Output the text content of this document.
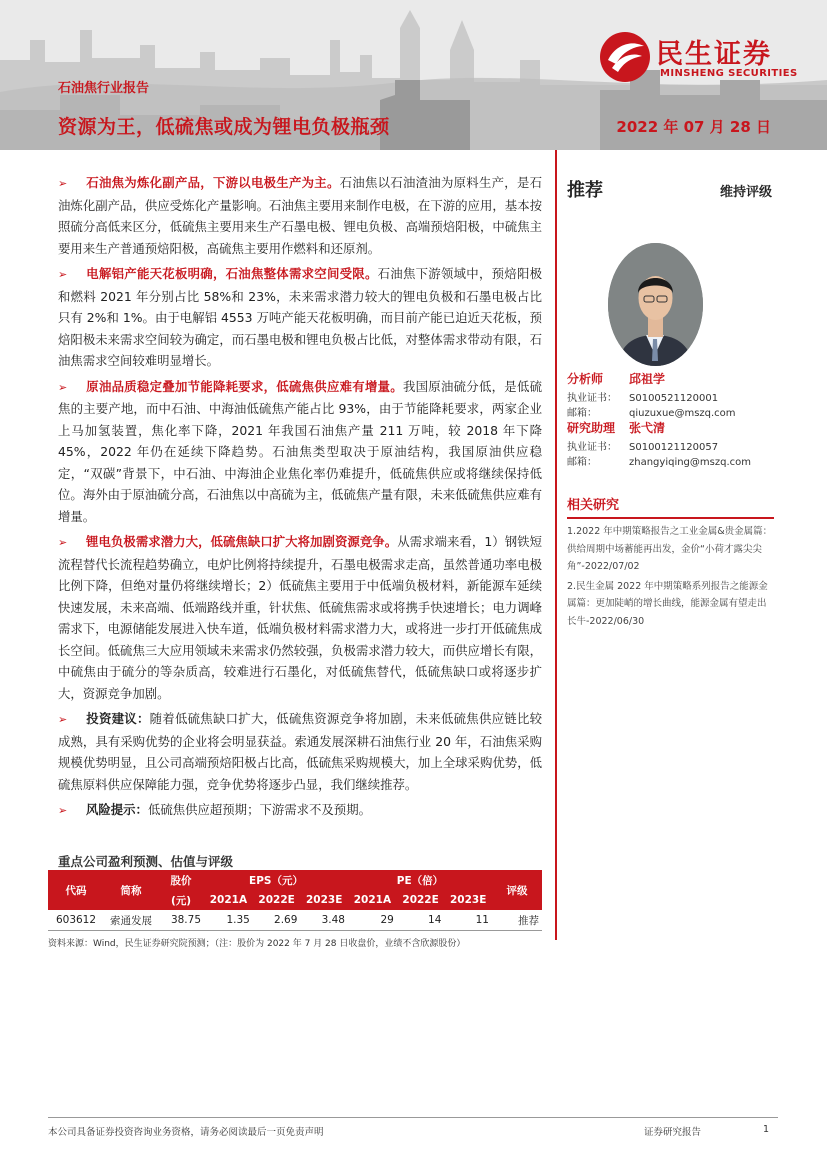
石油焦行业报告
资源为王，低硫焦或成为锂电负极瓶颈	2022 年 07 月 28 日
民生证券
MINSHENG SECURITIES

➢ 石油焦为炼化副产品，下游以电极生产为主。石油焦以石油渣油为原料生产，是石油炼化副产品，供应受炼化产量影响。石油焦主要用来制作电极，在下游的应用，基本按照硫分高低来区分，低硫焦主要用来生产石墨电极、锂电负极、高端预焙阳极，中硫焦主要用来生产普通预焙阳极，高硫焦主要用作燃料和还原剂。

➢ 电解铝产能天花板明确，石油焦整体需求空间受限。石油焦下游领域中，预焙阳极和燃料 2021 年分别占比 58%和 23%，未来需求潜力较大的锂电负极和石墨电极占比只有 2%和 1%。由于电解铝 4553 万吨产能天花板明确，而目前产能已迫近天花板，预焙阳极未来需求空间较为确定，而石墨电极和锂电负极占比低，对整体需求带动有限，石油焦需求空间较难明显增长。

➢ 原油品质稳定叠加节能降耗要求，低硫焦供应难有增量。我国原油硫分低，是低硫焦的主要产地，而中石油、中海油低硫焦产能占比 93%，由于节能降耗要求，两家企业上马加氢装置，焦化率下降，2021 年我国石油焦产量 211 万吨，较 2018 年下降 45%，2022 年仍在延续下降趋势。石油焦类型取决于原油结构，我国原油供应稳定，“双碳”背景下，中石油、中海油企业焦化率仍难提升，低硫焦供应或将继续保持低位。海外由于原油硫分高，石油焦以中高硫为主，低硫焦产量有限，未来低硫焦供应难有增量。

➢ 锂电负极需求潜力大，低硫焦缺口扩大将加剧资源竞争。从需求端来看，1）钢铁短流程替代长流程趋势确立，电炉比例将持续提升，石墨电极需求走高，虽然普通功率电极比例下降，但绝对量仍将继续增长；2）低硫焦主要用于中低端负极材料，新能源车延续快速发展，未来高端、低端路线并重，针状焦、低硫焦需求或将携手快速增长；电力调峰需求下，电源储能发展进入快车道，低端负极材料需求潜力大，或将进一步打开低硫焦成长空间。低硫焦三大应用领域未来需求仍然较强，负极需求潜力较大，而供应增长有限，中硫焦由于硫分的等杂质高，较难进行石墨化，对低硫焦替代，低硫焦缺口或将逐步扩大，资源竞争加剧。

➢ 投资建议：随着低硫焦缺口扩大，低硫焦资源竞争将加剧，未来低硫焦供应链比较成熟，具有采购优势的企业将会明显获益。索通发展深耕石油焦行业 20 年，石油焦采购规模优势明显，且公司高端预焙阳极占比高，低硫焦采购规模大，加上全球采购优势，低硫焦原料供应保障能力强，竞争优势将逐步凸显，我们继续推荐。

➢ 风险提示：低硫焦供应超预期；下游需求不及预期。

推荐	维持评级
分析师 邱祖学
执业证书： S0100521120001
邮箱：	qiuzuxue@mszq.com
研究助理 张弋清
执业证书： S0100121120057
邮箱：	zhangyiqing@mszq.com
相关研究
1.2022 年中期策略报告之工业金属&贵金属篇：供给周期中场蓄能再出发，金价“小荷才露尖尖角”-2022/07/02
2.民生金属 2022 年中期策略系列报告之能源金属篇：更加陡峭的增长曲线，能源金属有望走出长牛-2022/06/30
重点公司盈利预测、估值与评级
代码	简称	股价	EPS（元）			PE（倍）			评级
		(元)	2021A	2022E	2023E	2021A	2022E	2023E	
603612	索通发展	38.75	1.35	2.69	3.48	29	14	11	推荐
资料来源：Wind，民生证券研究院预测；（注：股价为 2022 年 7 月 28 日收盘价，业绩不含欣源股份）
本公司具备证券投资咨询业务资格，请务必阅读最后一页免责声明	证券研究报告	1
